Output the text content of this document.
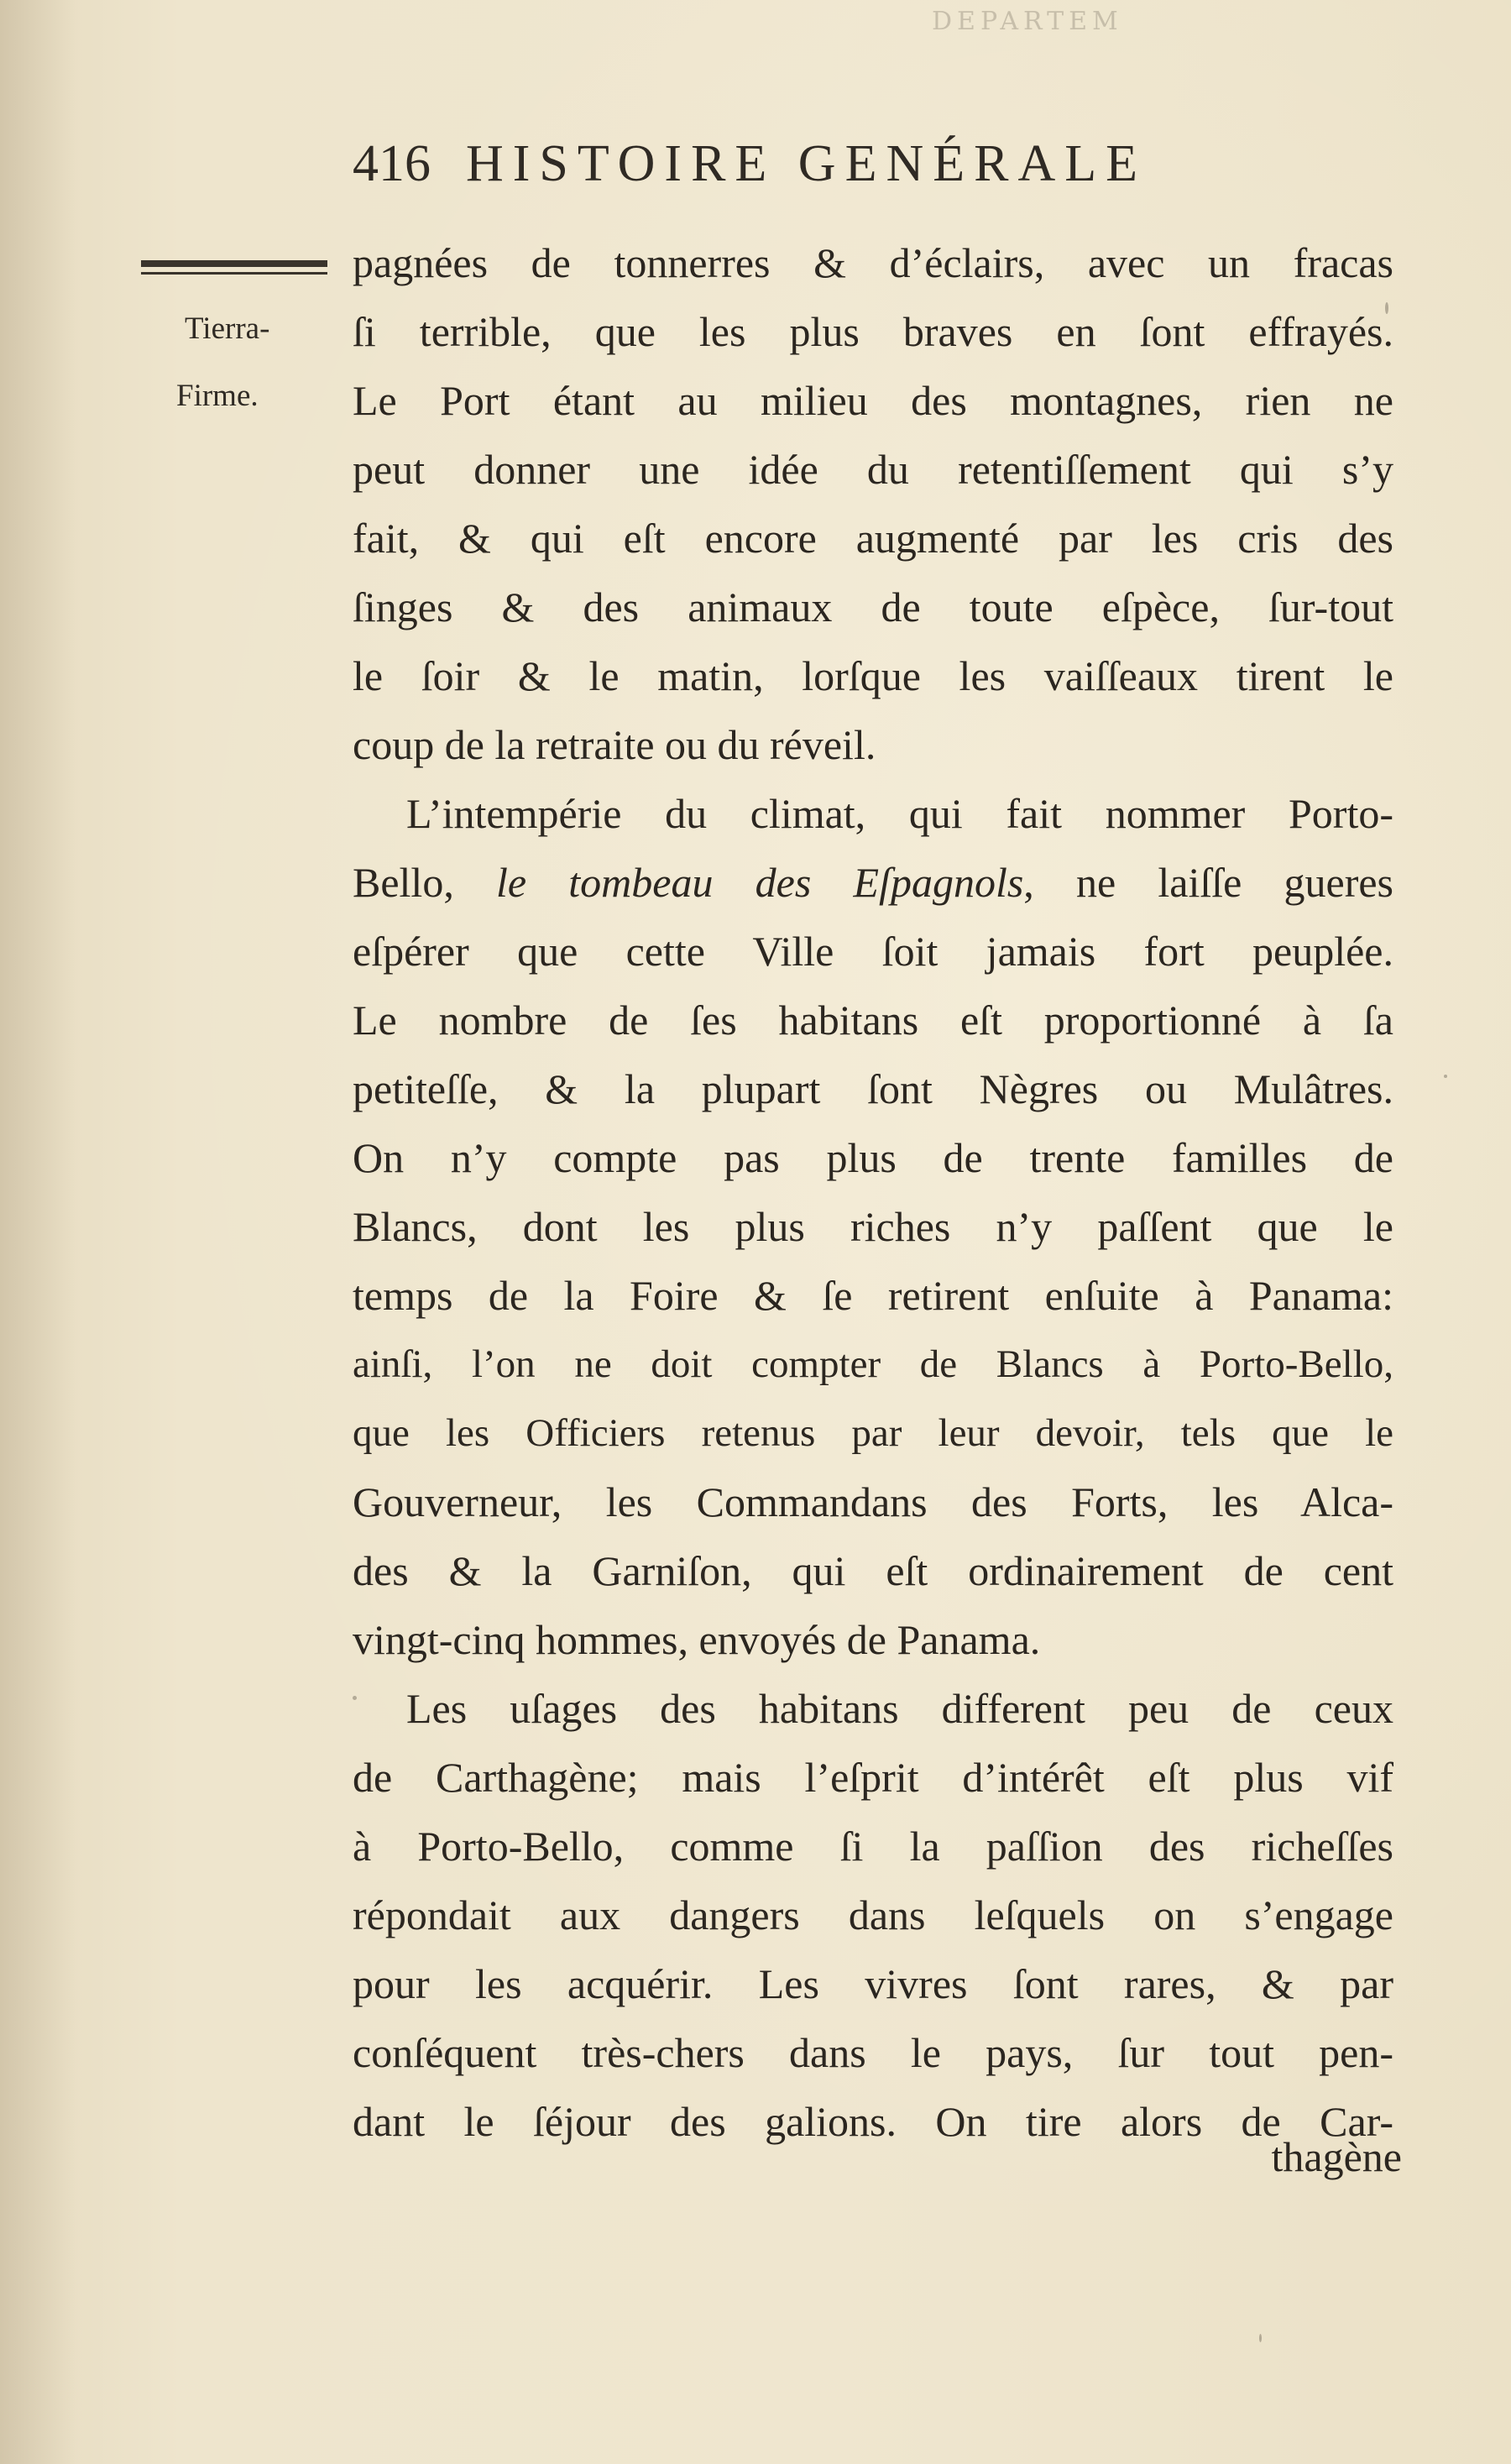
DEPARTEM
416 HISTOIRE GENÉRALE
Tierra-
Firme.
pagnées de tonnerres & d’éclairs, avec un fracas
ſi terrible, que les plus braves en ſont effrayés.
Le Port étant au milieu des montagnes, rien ne
peut donner une idée du retentiſſement qui s’y
fait, & qui eſt encore augmenté par les cris des
ſinges & des animaux de toute eſpèce, ſur-tout
le ſoir & le matin, lorſque les vaiſſeaux tirent le
coup de la retraite ou du réveil.
L’intempérie du climat, qui fait nommer Porto-
Bello, le tombeau des Eſpagnols, ne laiſſe gueres
eſpérer que cette Ville ſoit jamais fort peuplée.
Le nombre de ſes habitans eſt proportionné à ſa
petiteſſe, & la plupart ſont Nègres ou Mulâtres.
On n’y compte pas plus de trente familles de
Blancs, dont les plus riches n’y paſſent que le
temps de la Foire & ſe retirent enſuite à Panama:
ainſi, l’on ne doit compter de Blancs à Porto-Bello,
que les Officiers retenus par leur devoir, tels que le
Gouverneur, les Commandans des Forts, les Alca-
des & la Garniſon, qui eſt ordinairement de cent
vingt-cinq hommes, envoyés de Panama.
Les uſages des habitans different peu de ceux
de Carthagène; mais l’eſprit d’intérêt eſt plus vif
à Porto-Bello, comme ſi la paſſion des richeſſes
répondait aux dangers dans leſquels on s’engage
pour les acquérir. Les vivres ſont rares, & par
conſéquent très-chers dans le pays, ſur tout pen-
dant le ſéjour des galions. On tire alors de Car-
thagène
